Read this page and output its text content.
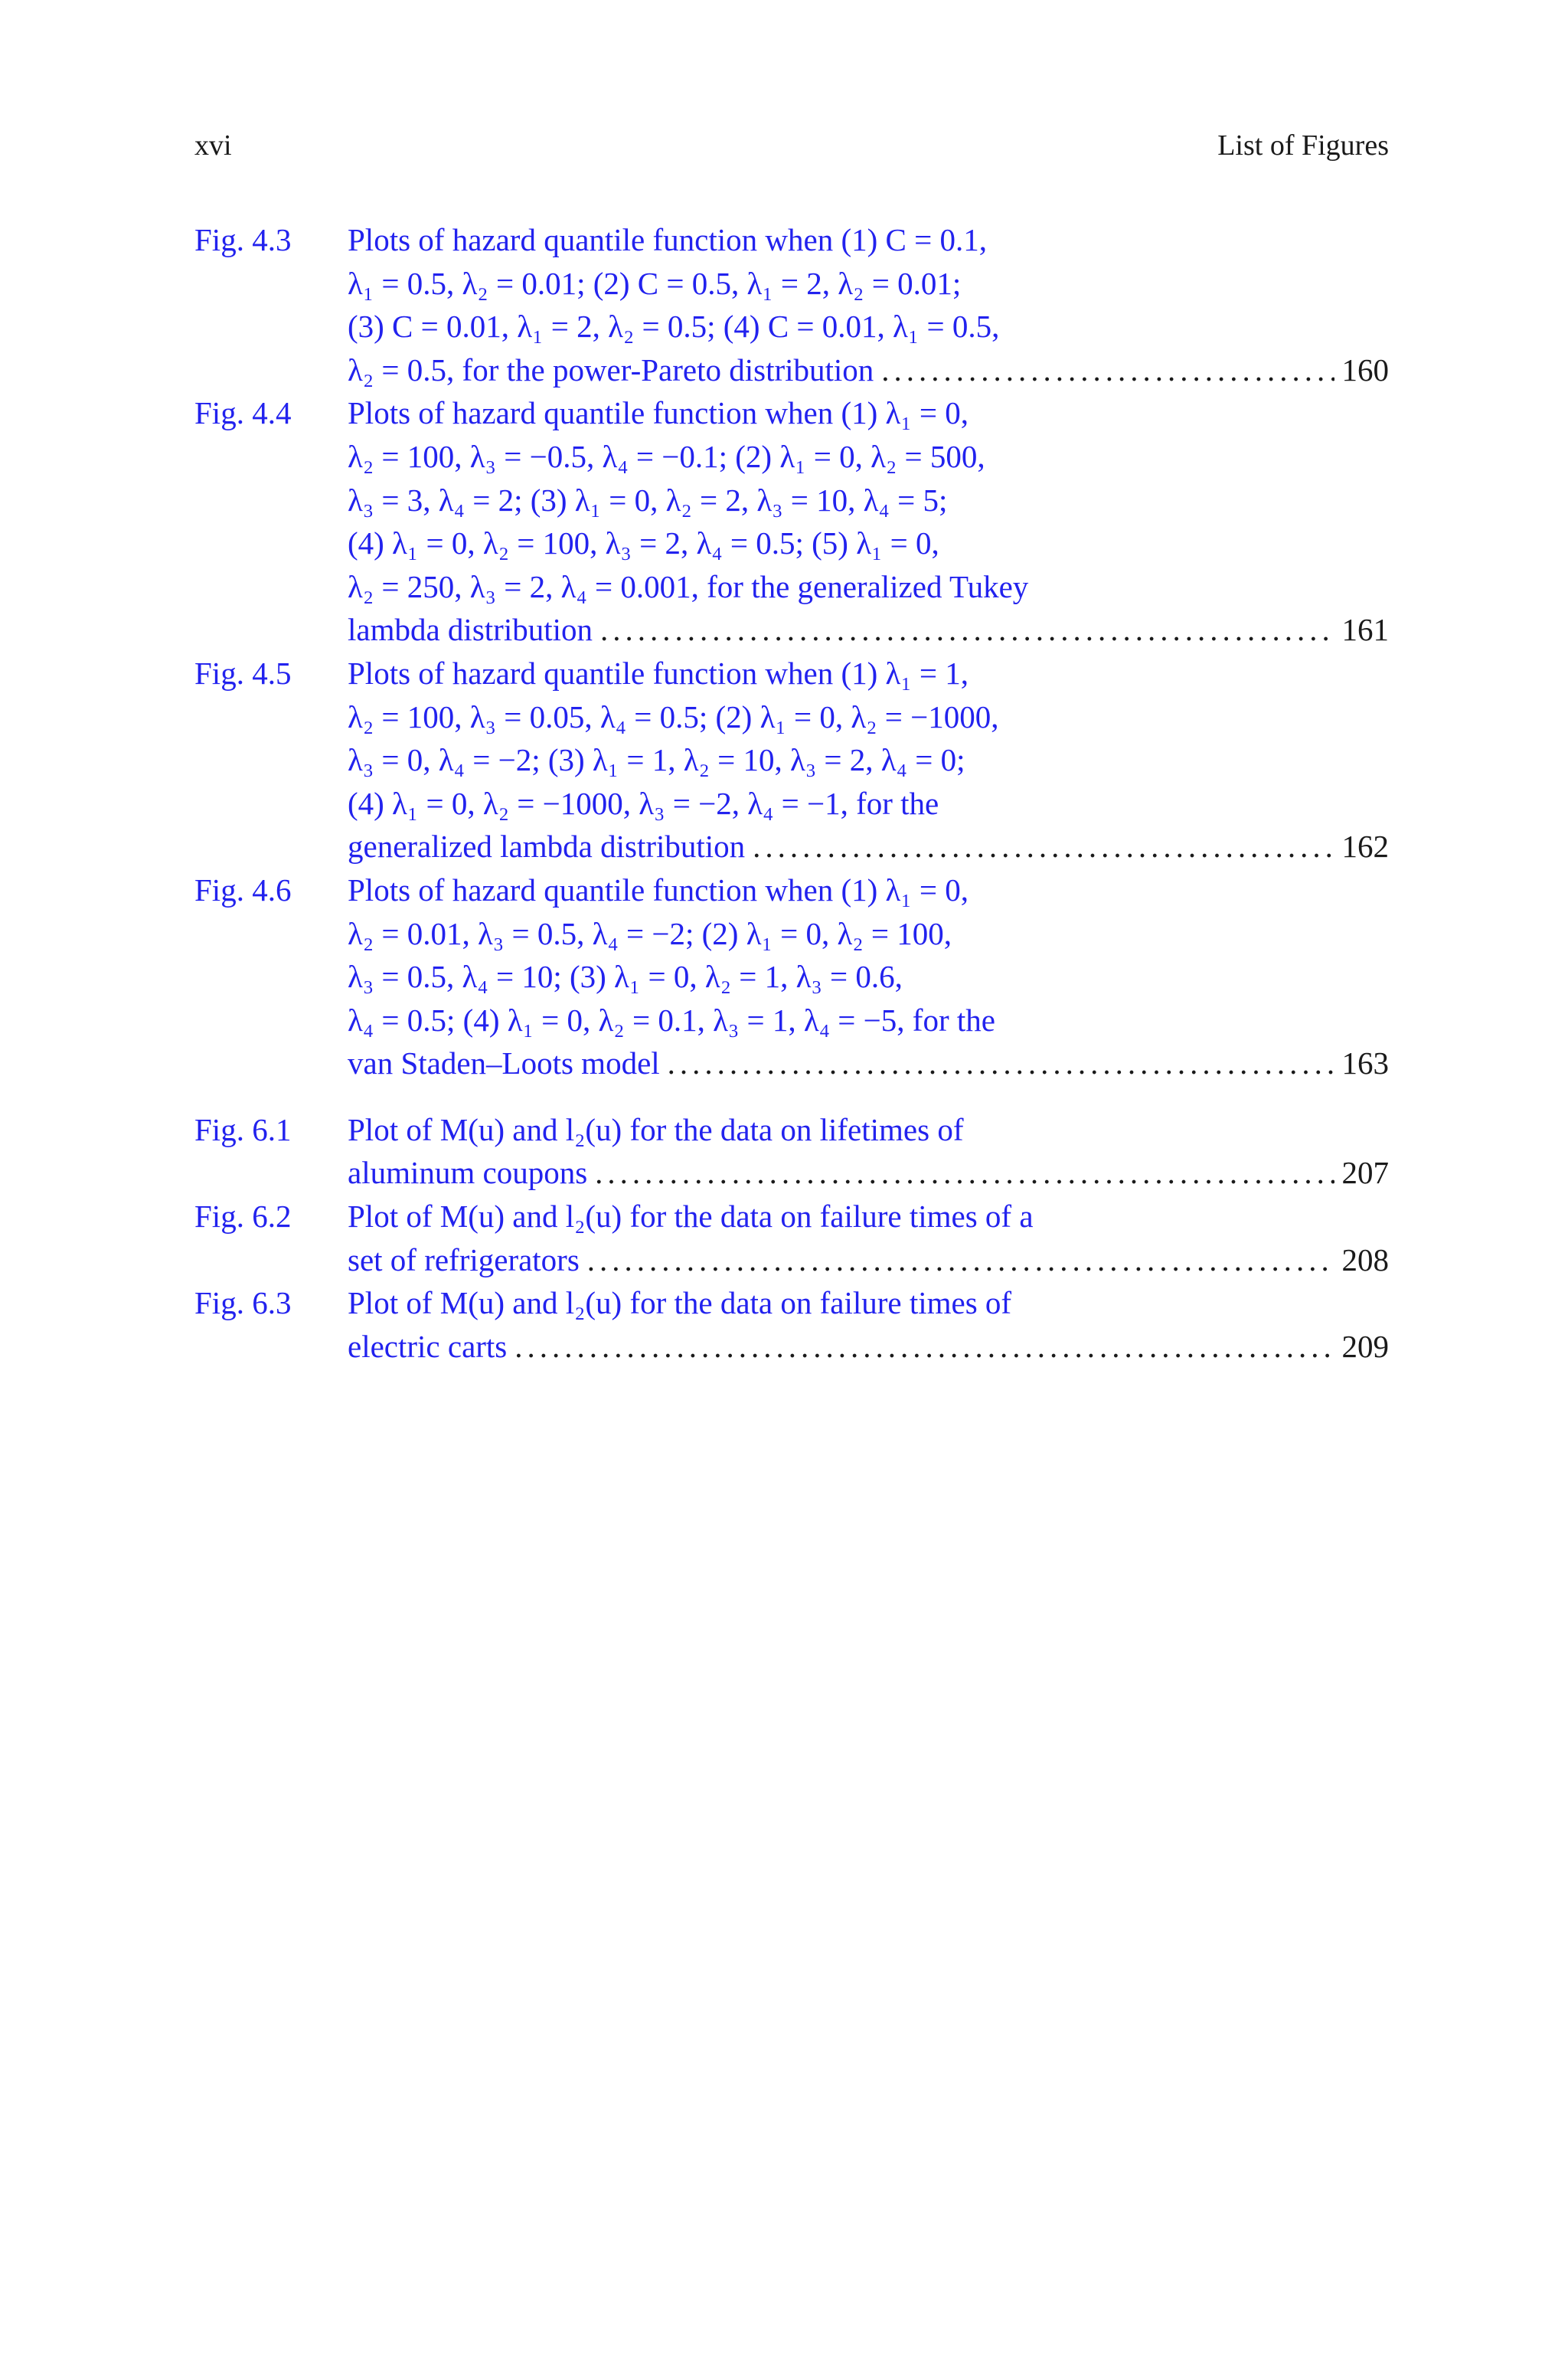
xvi	List of Figures
Fig. 4.3	Plots of hazard quantile function when (1) C = 0.1,
λ₁ = 0.5, λ₂ = 0.01; (2) C = 0.5, λ₁ = 2, λ₂ = 0.01;
(3) C = 0.01, λ₁ = 2, λ₂ = 0.5; (4) C = 0.01, λ₁ = 0.5,
λ₂ = 0.5, for the power-Pareto distribution .....	160
Fig. 4.4	Plots of hazard quantile function when (1) λ₁ = 0,
λ₂ = 100, λ₃ = −0.5, λ₄ = −0.1; (2) λ₁ = 0, λ₂ = 500,
λ₃ = 3, λ₄ = 2; (3) λ₁ = 0, λ₂ = 2, λ₃ = 10, λ₄ = 5;
(4) λ₁ = 0, λ₂ = 100, λ₃ = 2, λ₄ = 0.5; (5) λ₁ = 0,
λ₂ = 250, λ₃ = 2, λ₄ = 0.001, for the generalized Tukey
lambda distribution .....	161
Fig. 4.5	Plots of hazard quantile function when (1) λ₁ = 1,
λ₂ = 100, λ₃ = 0.05, λ₄ = 0.5; (2) λ₁ = 0, λ₂ = −1000,
λ₃ = 0, λ₄ = −2; (3) λ₁ = 1, λ₂ = 10, λ₃ = 2, λ₄ = 0;
(4) λ₁ = 0, λ₂ = −1000, λ₃ = −2, λ₄ = −1, for the
generalized lambda distribution .....	162
Fig. 4.6	Plots of hazard quantile function when (1) λ₁ = 0,
λ₂ = 0.01, λ₃ = 0.5, λ₄ = −2; (2) λ₁ = 0, λ₂ = 100,
λ₃ = 0.5, λ₄ = 10; (3) λ₁ = 0, λ₂ = 1, λ₃ = 0.6,
λ₄ = 0.5; (4) λ₁ = 0, λ₂ = 0.1, λ₃ = 1, λ₄ = −5, for the
van Staden–Loots model .....	163
Fig. 6.1	Plot of M(u) and l₂(u) for the data on lifetimes of
aluminum coupons .....	207
Fig. 6.2	Plot of M(u) and l₂(u) for the data on failure times of a
set of refrigerators .....	208
Fig. 6.3	Plot of M(u) and l₂(u) for the data on failure times of
electric carts .....	209
